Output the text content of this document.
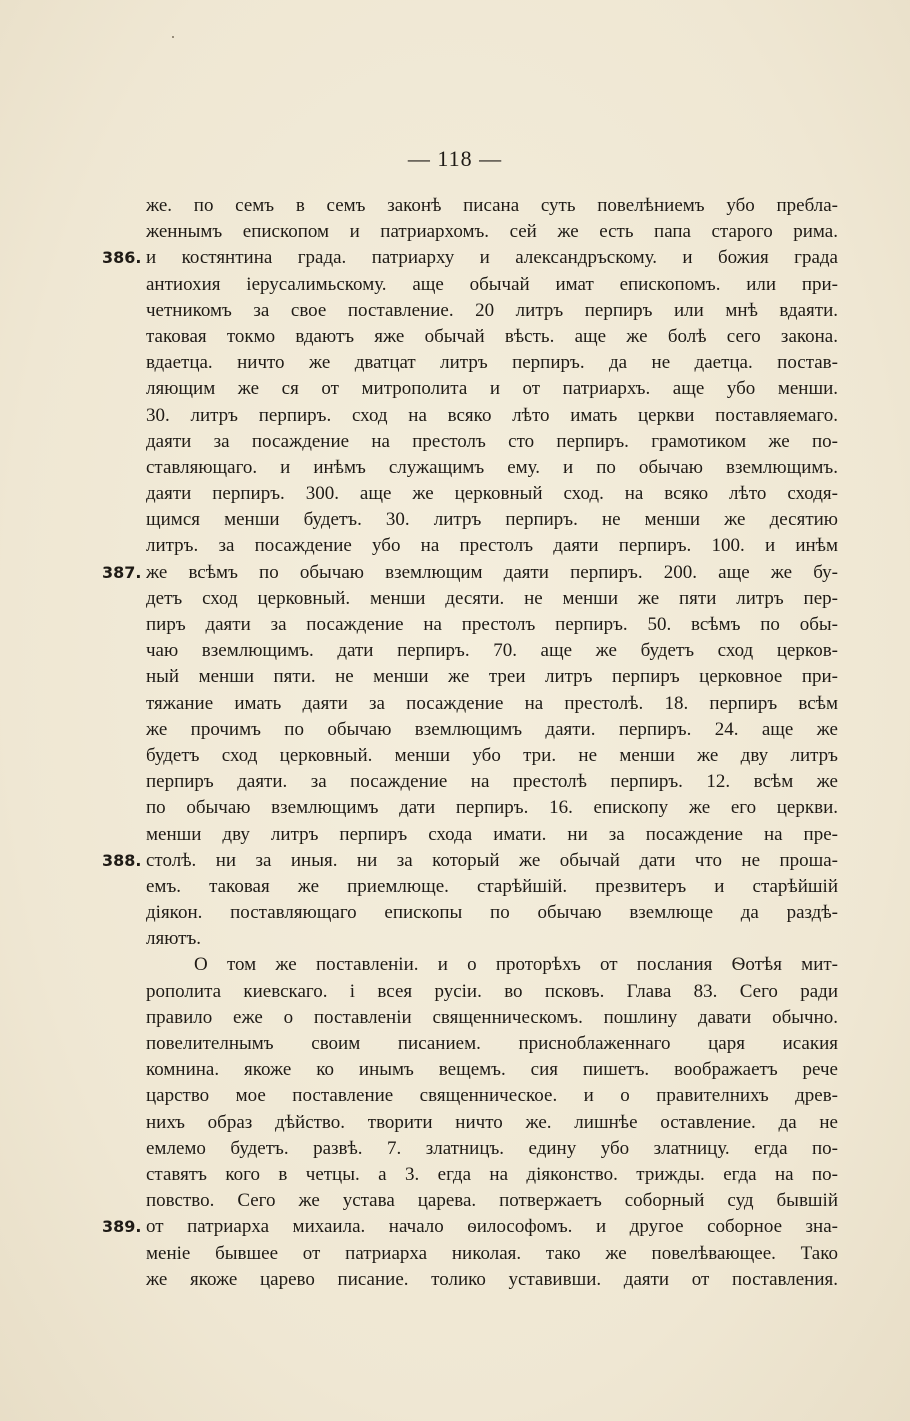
— 118 —
же. по семъ в семъ законѣ писана суть повелѣниемъ убо пребла-
женнымъ епископом и патриархомъ. сей же есть папа старого рима.
386. и костянтина града. патриарху и александръскому. и божия града
антиохия іерусалимьскому. аще обычай имат епископомъ. или при-
четникомъ за свое поставление. 20 литръ перпиръ или мнѣ вдаяти.
таковая токмо вдаютъ яже обычай вѣсть. аще же болѣ сего закона.
вдаетца. ничто же дватцат литръ перпиръ. да не даетца. постав-
ляющим же ся от митрополита и от патриархъ. аще убо менши.
30. литръ перпиръ. сход на всяко лѣто имать церкви поставляемаго.
даяти за посаждение на престолъ сто перпиръ. грамотиком же по-
ставляющаго. и инѣмъ служащимъ ему. и по обычаю вземлющимъ.
даяти перпиръ. 300. аще же церковный сход. на всяко лѣто сходя-
щимся менши будетъ. 30. литръ перпиръ. не менши же десятию
литръ. за посаждение убо на престолъ даяти перпиръ. 100. и инѣм
387. же всѣмъ по обычаю вземлющим даяти перпиръ. 200. аще же бу-
детъ сход церковный. менши десяти. не менши же пяти литръ пер-
пиръ даяти за посаждение на престолъ перпиръ. 50. всѣмъ по обы-
чаю вземлющимъ. дати перпиръ. 70. аще же будетъ сход церков-
ный менши пяти. не менши же треи литръ перпиръ церковное при-
тяжание имать даяти за посаждение на престолѣ. 18. перпиръ всѣм
же прочимъ по обычаю вземлющимъ даяти. перпиръ. 24. аще же
будетъ сход церковный. менши убо три. не менши же дву литръ
перпиръ даяти. за посаждение на престолѣ перпиръ. 12. всѣм же
по обычаю вземлющимъ дати перпиръ. 16. епископу же его церкви.
менши дву литръ перпиръ схода имати. ни за посаждение на пре-
388. столѣ. ни за иныя. ни за который же обычай дати что не проша-
емъ. таковая же приемлюще. старѣйшій. презвитеръ и старѣйшій
діякон. поставляющаго епископы по обычаю вземлюще да раздѣ-
ляютъ.
О том же поставленіи. и о проторѣхъ от послания Ѳотѣя мит-
рополита киевскаго. і всея русіи. во псковъ. Глава 83. Сего ради
правило еже о поставленіи священническомъ. пошлину давати обычно.
повелителнымъ своим писанием. присноблаженнаго царя исакия
комнина. якоже ко инымъ вещемъ. сия пишетъ. воображаетъ рече
царство мое поставление священническое. и о правителнихъ древ-
нихъ образ дѣйство. творити ничто же. лишнѣе оставление. да не
емлемо будетъ. развѣ. 7. златницъ. едину убо златницу. егда по-
ставятъ кого в четцы. а 3. егда на діяконство. трижды. егда на по-
повство. Сего же устава царева. потвержаетъ соборный суд бывшій
389. от патриарха михаила. начало ѳилософомъ. и другое соборное зна-
меніе бывшее от патриарха николая. тако же повелѣвающее. Тако
же якоже царево писание. толико уставивши. даяти от поставления.
